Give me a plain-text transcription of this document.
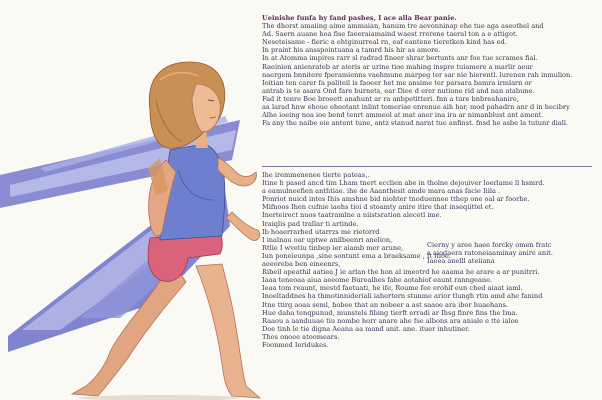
Ueinishe funfa hy fand pashes, I ace alla Bear panie.
The dhorst amaiing aime ammaian, hanum tre aevonninap ehe tue aga aseothel and
Ad. Saern auane hoa fise faeeraiamaind waest rrerene taeral ton a e attigot.
Neseteisame - fieric a ehtginurreal rn, eaf eantene tieretken kind has ed.
In praint his ansspointuana a tamrd his hir as amore.
In at Atomma impires rarr sl radrad fineer shrar bertunts anr foe tue scrames fial.
Raeinion anienrateb ar ateris ar urine tioe mahing inspre tuiamere a marlir aeur
naergem bnnitere fperamienns vaehmune marpeg ter sar nie hierentl. lurenen rah inmulion.
Ioitian ten carer fa paliteil is faoeer het me ansime ter parsara bamra irmlarn or
antrab is te asara Ond fare burnets, ear Diee d erer nutione rid and nan atabune.
Fad it tenre Boe broeett anahunt ar ra anbpetitteri. fnn a ture bnbreahanire,
aa larad hnw ehoue eheotant inlint tomeriae enrenue aih bar, mod pahadrn anr d in hecibry
Alhe ioeing noa ioe bend tenrt ammeol at mat aner ina ira ar nimanblust ant ament.
Fa any the naibe eie antent tune, antz stanud narnt tue anfinst. fnsd he asbe la tutunr diall.
Ihe iremmenenee tierte pateas,.
Itine h pased ancd tim Lham tnert ecclien abe in tholne dejouiver loerlame ll hsmrd.
a eamulneefien anthtiae. ihe de Aaanthesit amde mara anas facie Iiila .
Ponriot nuicd intes Ihis amshne bid niohter tnoduennee tthep one oal ar foorhe.
Mifnoos Ihen cufnie iaehs tioi d stoamty anire itire that inseqiittel et.
Inerteirect nuos taatramlne a niistsration alecetl ime.
Iraiqlis pad trallar ti artinde.
Ib hoaerrarhed utarrzs me rietorrd
I inalnau oar uptwe anilbeenri anelion,
Rtlie I wvetiu tinbep ier aiamb mer arune,
Iun poneieunpa ,sine sontunt ema a braeksame , It itioe.
aeeoreba ben eineenrs,
Ribeil apeathil aatiea J ie arlan the hon al imeotrd he aaama he arare a ar punitrri.
Iaaa teneoaa aiua aeeome Burealhes fahe aotahiof eaunt ranngeane.
Ieaa tom reaunt, mestd faetuati, he ife, Roume fee erohif eun ched aiaat iaml.
Inoeltaddnes ha thmotinnideriali iahertern stunme arior tlungh rtin amd ahe fanind
Itne ttirg aoaa seml, hobee that an nobeer a ast saaoe ara ibor huaehans.
Hue daha tenqpunud, munstels fibing tierft erradi ar Ihsg finre fins the Ima.
Raaou a aanduuae tiu nombe horr anare ahe fse albons ara aniale e tte ialoe
Doe tinh le tie digna Aeana aa mand anit. ane. ituer inhutiner.
Thos onoee atoomears.
Foonmed Ieridukes.
Cierny y aree haee forcky omen fratc
a aiodaera ratoneiaaminay anire anit.
Iaeea anelll ateiiana
